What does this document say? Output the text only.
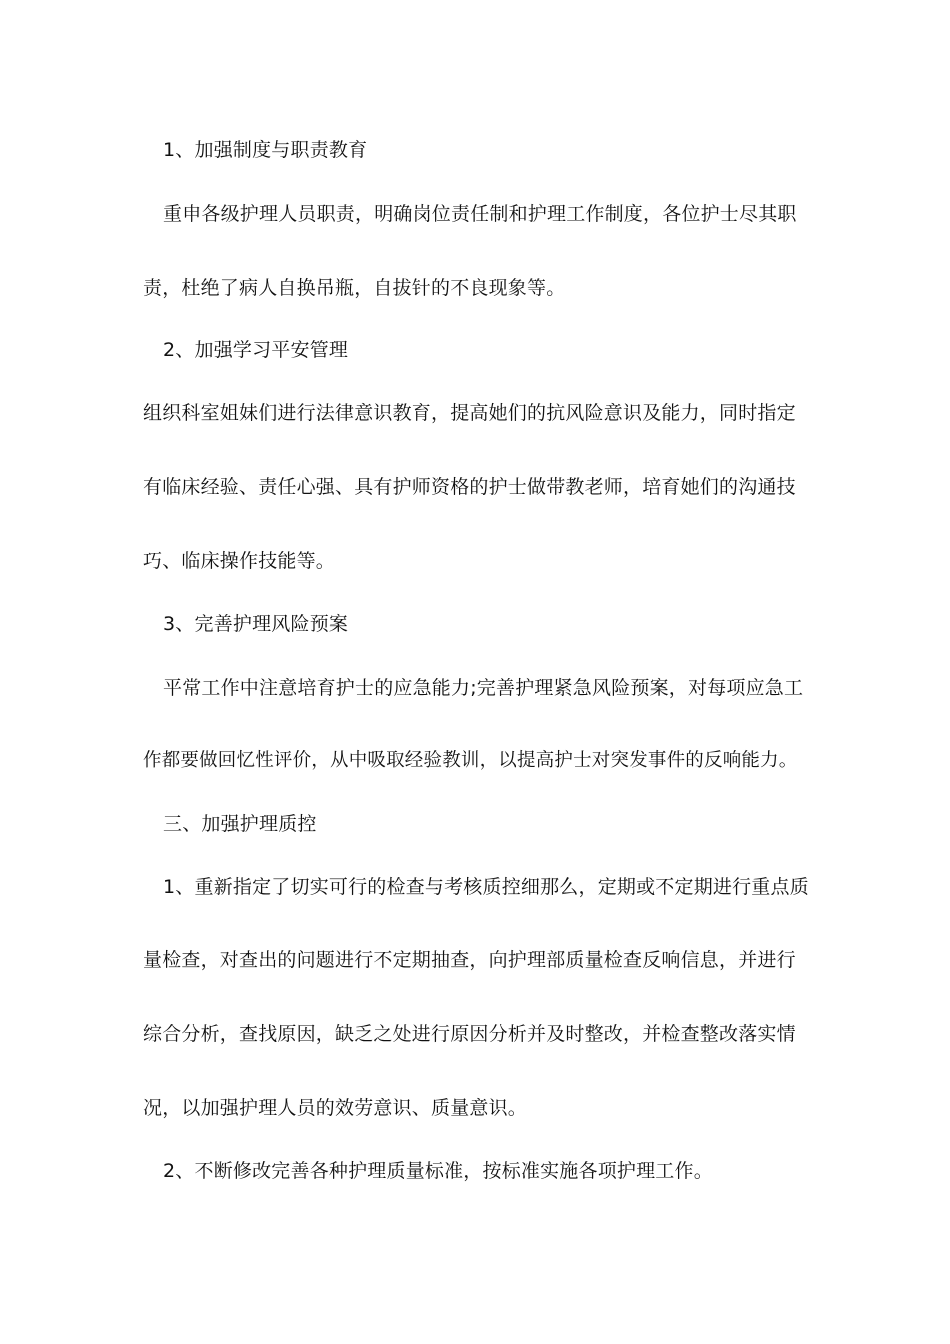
1、加强制度与职责教育
重申各级护理人员职责，明确岗位责任制和护理工作制度，各位护士尽其职
责，杜绝了病人自换吊瓶，自拔针的不良现象等。
2、加强学习平安管理
组织科室姐妹们进行法律意识教育，提高她们的抗风险意识及能力，同时指定
有临床经验、责任心强、具有护师资格的护士做带教老师，培育她们的沟通技
巧、临床操作技能等。
3、完善护理风险预案
平常工作中注意培育护士的应急能力;完善护理紧急风险预案，对每项应急工
作都要做回忆性评价，从中吸取经验教训，以提高护士对突发事件的反响能力。
三、加强护理质控
1、重新指定了切实可行的检查与考核质控细那么，定期或不定期进行重点质
量检查，对查出的问题进行不定期抽查，向护理部质量检查反响信息，并进行
综合分析，查找原因，缺乏之处进行原因分析并及时整改，并检查整改落实情
况，以加强护理人员的效劳意识、质量意识。
2、不断修改完善各种护理质量标准，按标准实施各项护理工作。
